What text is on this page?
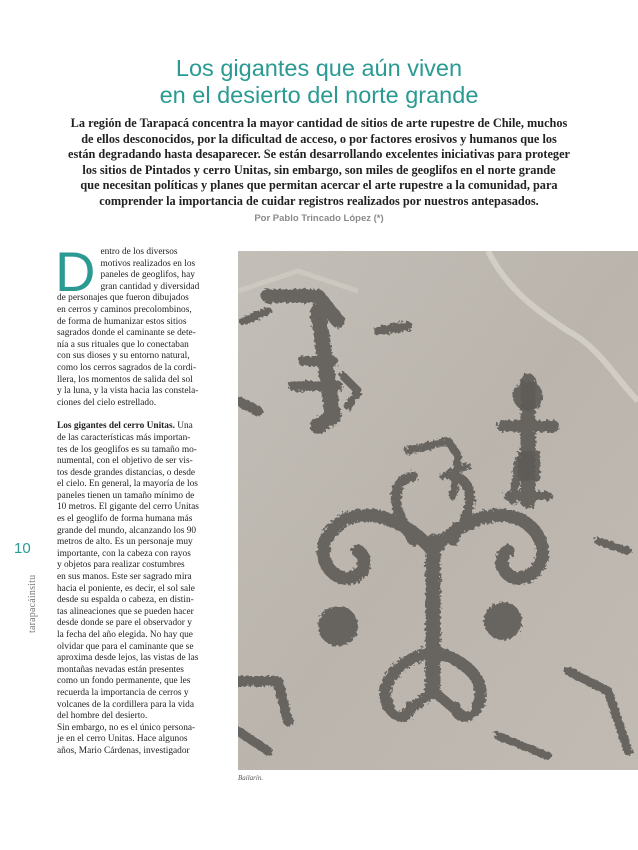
Los gigantes que aún viven
en el desierto del norte grande
La región de Tarapacá concentra la mayor cantidad de sitios de arte rupestre de Chile, muchos
de ellos desconocidos, por la dificultad de acceso, o por factores erosivos y humanos que los
están degradando hasta desaparecer. Se están desarrollando excelentes iniciativas para proteger
los sitios de Pintados y cerro Unitas, sin embargo, son miles de geoglifos en el norte grande
que necesitan políticas y planes que permitan acercar el arte rupestre a la comunidad, para
comprender la importancia de cuidar registros realizados por nuestros antepasados.
Por Pablo Trincado López (*)
D entro de los diversos
motivos realizados en los
paneles de geoglifos, hay
gran cantidad y diversidad
de personajes que fueron dibujados
en cerros y caminos precolombinos,
de forma de humanizar estos sitios
sagrados donde el caminante se dete-
nía a sus rituales que lo conectaban
con sus dioses y su entorno natural,
como los cerros sagrados de la cordi-
llera, los momentos de salida del sol
y la luna, y la vista hacia las constela-
ciones del cielo estrellado.

Los gigantes del cerro Unitas. Una
de las características más importan-
tes de los geoglifos es su tamaño mo-
numental, con el objetivo de ser vis-
tos desde grandes distancias, o desde
el cielo. En general, la mayoría de los
paneles tienen un tamaño mínimo de
10 metros. El gigante del cerro Unitas
es el geoglifo de forma humana más
grande del mundo, alcanzando los 90
metros de alto. Es un personaje muy
importante, con la cabeza con rayos
y objetos para realizar costumbres
en sus manos. Este ser sagrado mira
hacia el poniente, es decir, el sol sale
desde su espalda o cabeza, en distin-
tas alineaciones que se pueden hacer
desde donde se pare el observador y
la fecha del año elegida. No hay que
olvidar que para el caminante que se
aproxima desde lejos, las vistas de las
montañas nevadas están presentes
como un fondo permanente, que les
recuerda la importancia de cerros y
volcanes de la cordillera para la vida
del hombre del desierto.
Sin embargo, no es el único persona-
je en el cerro Unitas. Hace algunos
años, Mario Cárdenas, investigador

10
tarapacáinsitu
Bailarín.
